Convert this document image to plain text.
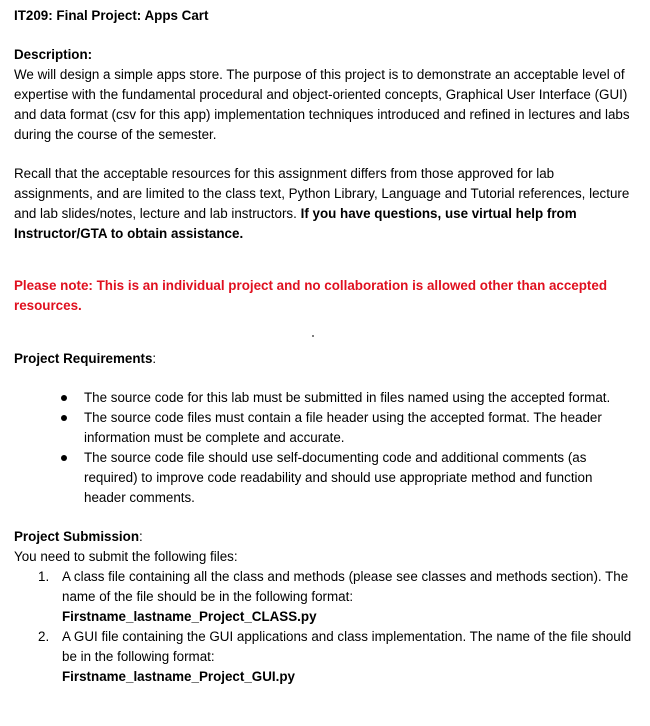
IT209: Final Project: Apps Cart

Description:

We will design a simple apps store. The purpose of this project is to demonstrate an acceptable level of expertise with the fundamental procedural and object-oriented concepts, Graphical User Interface (GUI) and data format (csv for this app) implementation techniques introduced and refined in lectures and labs during the course of the semester.

Recall that the acceptable resources for this assignment differs from those approved for lab assignments, and are limited to the class text, Python Library, Language and Tutorial references, lecture and lab slides/notes, lecture and lab instructors. If you have questions, use virtual help from Instructor/GTA to obtain assistance.

Please note: This is an individual project and no collaboration is allowed other than accepted resources.

Project Requirements:

The source code for this lab must be submitted in files named using the accepted format.
The source code files must contain a file header using the accepted format. The header information must be complete and accurate.
The source code file should use self-documenting code and additional comments (as required) to improve code readability and should use appropriate method and function header comments.

Project Submission:

You need to submit the following files:

1. A class file containing all the class and methods (please see classes and methods section). The name of the file should be in the following format:
Firstname_lastname_Project_CLASS.py
2. A GUI file containing the GUI applications and class implementation. The name of the file should be in the following format:
Firstname_lastname_Project_GUI.py
